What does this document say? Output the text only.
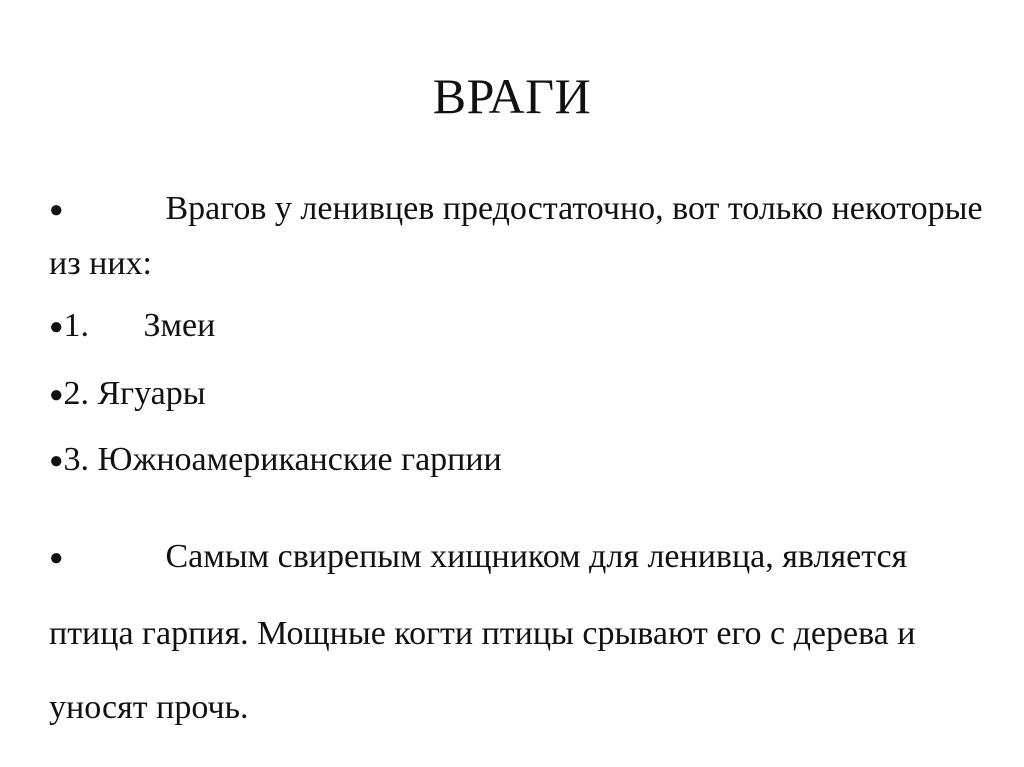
ВРАГИ
●	Врагов у ленивцев предостаточно, вот только некоторые из них:
●1. Змеи
●2. Ягуары
●3. Южноамериканские гарпии
●	Самым свирепым хищником для ленивца, является птица гарпия. Мощные когти птицы срывают его с дерева и уносят прочь.
